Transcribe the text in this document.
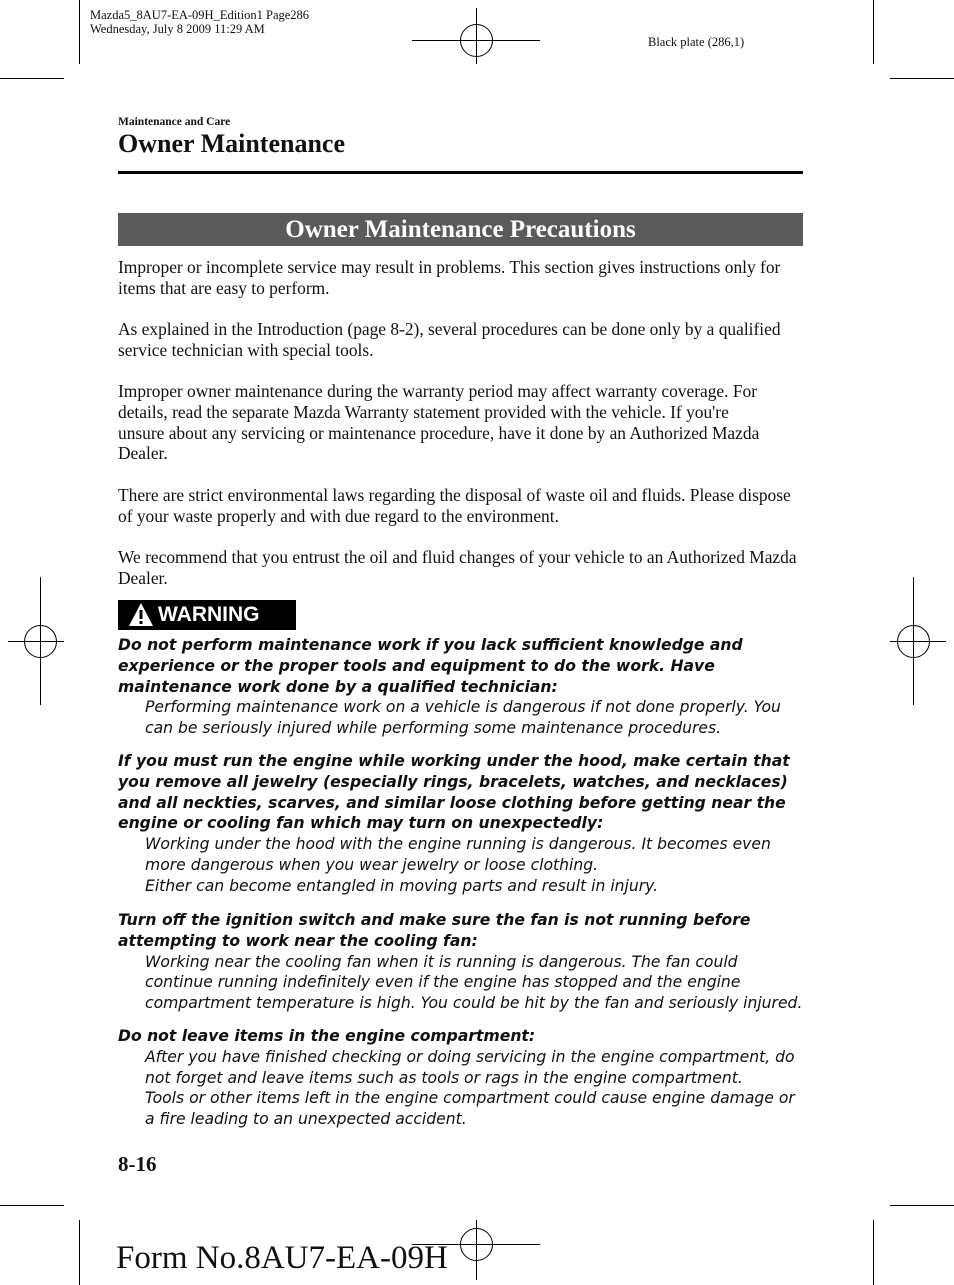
Mazda5_8AU7-EA-09H_Edition1 Page286
Wednesday, July 8 2009 11:29 AM
Black plate (286,1)
Maintenance and Care
Owner Maintenance
Owner Maintenance Precautions
Improper or incomplete service may result in problems. This section gives instructions only for items that are easy to perform.
As explained in the Introduction (page 8-2), several procedures can be done only by a qualified service technician with special tools.
Improper owner maintenance during the warranty period may affect warranty coverage. For details, read the separate Mazda Warranty statement provided with the vehicle. If you're unsure about any servicing or maintenance procedure, have it done by an Authorized Mazda Dealer.
There are strict environmental laws regarding the disposal of waste oil and fluids. Please dispose of your waste properly and with due regard to the environment.
We recommend that you entrust the oil and fluid changes of your vehicle to an Authorized Mazda Dealer.
WARNING
Do not perform maintenance work if you lack sufficient knowledge and experience or the proper tools and equipment to do the work. Have maintenance work done by a qualified technician:
Performing maintenance work on a vehicle is dangerous if not done properly. You can be seriously injured while performing some maintenance procedures.
If you must run the engine while working under the hood, make certain that you remove all jewelry (especially rings, bracelets, watches, and necklaces) and all neckties, scarves, and similar loose clothing before getting near the engine or cooling fan which may turn on unexpectedly:
Working under the hood with the engine running is dangerous. It becomes even more dangerous when you wear jewelry or loose clothing.
Either can become entangled in moving parts and result in injury.
Turn off the ignition switch and make sure the fan is not running before attempting to work near the cooling fan:
Working near the cooling fan when it is running is dangerous. The fan could continue running indefinitely even if the engine has stopped and the engine compartment temperature is high. You could be hit by the fan and seriously injured.
Do not leave items in the engine compartment:
After you have finished checking or doing servicing in the engine compartment, do not forget and leave items such as tools or rags in the engine compartment.
Tools or other items left in the engine compartment could cause engine damage or a fire leading to an unexpected accident.
8-16
Form No.8AU7-EA-09H
